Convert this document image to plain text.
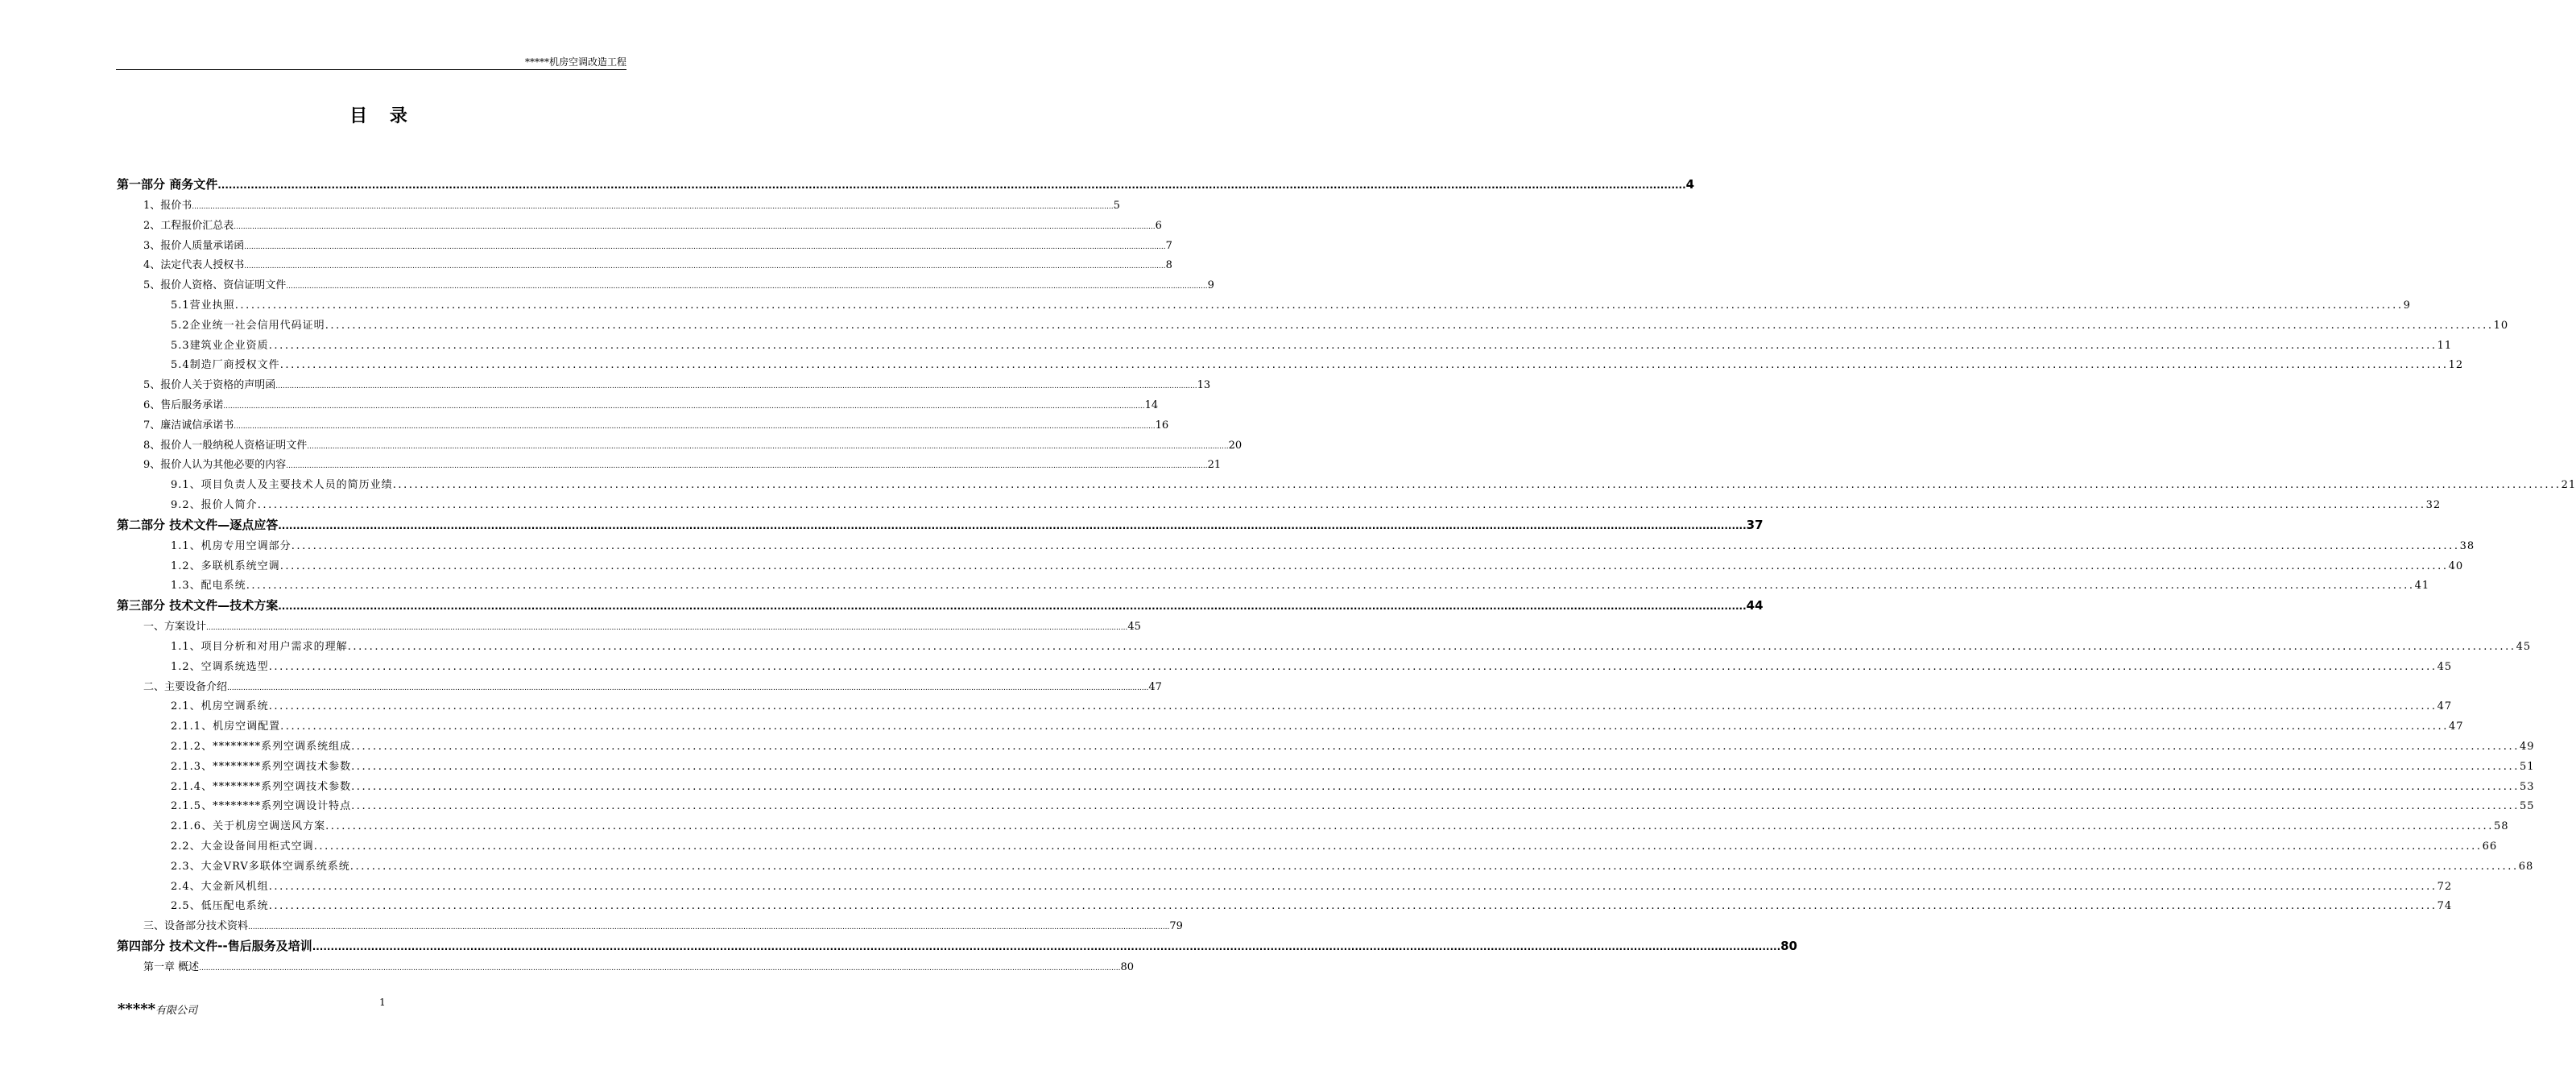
*****机房空调改造工程
目 录
第一部分 商务文件 ................................................................................................................................................................................................................................................................................................................................................................................................................ 4
1、报价书 ................................................................................................................................................................................................................................................................................................................................................................................................................ 5
2、工程报价汇总表 ................................................................................................................................................................................................................................................................................................................................................................................................................ 6
3、报价人质量承诺函 ................................................................................................................................................................................................................................................................................................................................................................................................................ 7
4、法定代表人授权书 ................................................................................................................................................................................................................................................................................................................................................................................................................ 8
5、报价人资格、资信证明文件 ................................................................................................................................................................................................................................................................................................................................................................................................................ 9
5.1营业执照 ................................................................................................................................................................................................................................................................................................................................................................................................................ 9
5.2企业统一社会信用代码证明 ................................................................................................................................................................................................................................................................................................................................................................................................................ 10
5.3建筑业企业资质 ................................................................................................................................................................................................................................................................................................................................................................................................................ 11
5.4制造厂商授权文件 ................................................................................................................................................................................................................................................................................................................................................................................................................ 12
5、报价人关于资格的声明函 ................................................................................................................................................................................................................................................................................................................................................................................................................ 13
6、售后服务承诺 ................................................................................................................................................................................................................................................................................................................................................................................................................ 14
7、廉洁诚信承诺书 ................................................................................................................................................................................................................................................................................................................................................................................................................ 16
8、报价人一般纳税人资格证明文件 ................................................................................................................................................................................................................................................................................................................................................................................................................ 20
9、报价人认为其他必要的内容 ................................................................................................................................................................................................................................................................................................................................................................................................................ 21
9.1、项目负责人及主要技术人员的简历业绩 ................................................................................................................................................................................................................................................................................................................................................................................................................ 21
9.2、报价人简介 ................................................................................................................................................................................................................................................................................................................................................................................................................ 32
第二部分 技术文件—逐点应答 ................................................................................................................................................................................................................................................................................................................................................................................................................ 37
1.1、机房专用空调部分 ................................................................................................................................................................................................................................................................................................................................................................................................................ 38
1.2、多联机系统空调 ................................................................................................................................................................................................................................................................................................................................................................................................................ 40
1.3、配电系统 ................................................................................................................................................................................................................................................................................................................................................................................................................ 41
第三部分 技术文件—技术方案 ................................................................................................................................................................................................................................................................................................................................................................................................................ 44
一、方案设计 ................................................................................................................................................................................................................................................................................................................................................................................................................ 45
1.1、项目分析和对用户需求的理解 ................................................................................................................................................................................................................................................................................................................................................................................................................ 45
1.2、空调系统选型 ................................................................................................................................................................................................................................................................................................................................................................................................................ 45
二、主要设备介绍 ................................................................................................................................................................................................................................................................................................................................................................................................................ 47
2.1、机房空调系统 ................................................................................................................................................................................................................................................................................................................................................................................................................ 47
2.1.1、机房空调配置 ................................................................................................................................................................................................................................................................................................................................................................................................................ 47
2.1.2、********系列空调系统组成 ................................................................................................................................................................................................................................................................................................................................................................................................................ 49
2.1.3、********系列空调技术参数 ................................................................................................................................................................................................................................................................................................................................................................................................................ 51
2.1.4、********系列空调技术参数 ................................................................................................................................................................................................................................................................................................................................................................................................................ 53
2.1.5、********系列空调设计特点 ................................................................................................................................................................................................................................................................................................................................................................................................................ 55
2.1.6、关于机房空调送风方案 ................................................................................................................................................................................................................................................................................................................................................................................................................ 58
2.2、大金设备间用柜式空调 ................................................................................................................................................................................................................................................................................................................................................................................................................ 66
2.3、大金VRV多联体空调系统系统 ................................................................................................................................................................................................................................................................................................................................................................................................................ 68
2.4、大金新风机组 ................................................................................................................................................................................................................................................................................................................................................................................................................ 72
2.5、低压配电系统 ................................................................................................................................................................................................................................................................................................................................................................................................................ 74
三、设备部分技术资料 ................................................................................................................................................................................................................................................................................................................................................................................................................ 79
第四部分 技术文件--售后服务及培训 ................................................................................................................................................................................................................................................................................................................................................................................................................ 80
第一章 概述 ................................................................................................................................................................................................................................................................................................................................................................................................................ 80
1
*****有限公司
